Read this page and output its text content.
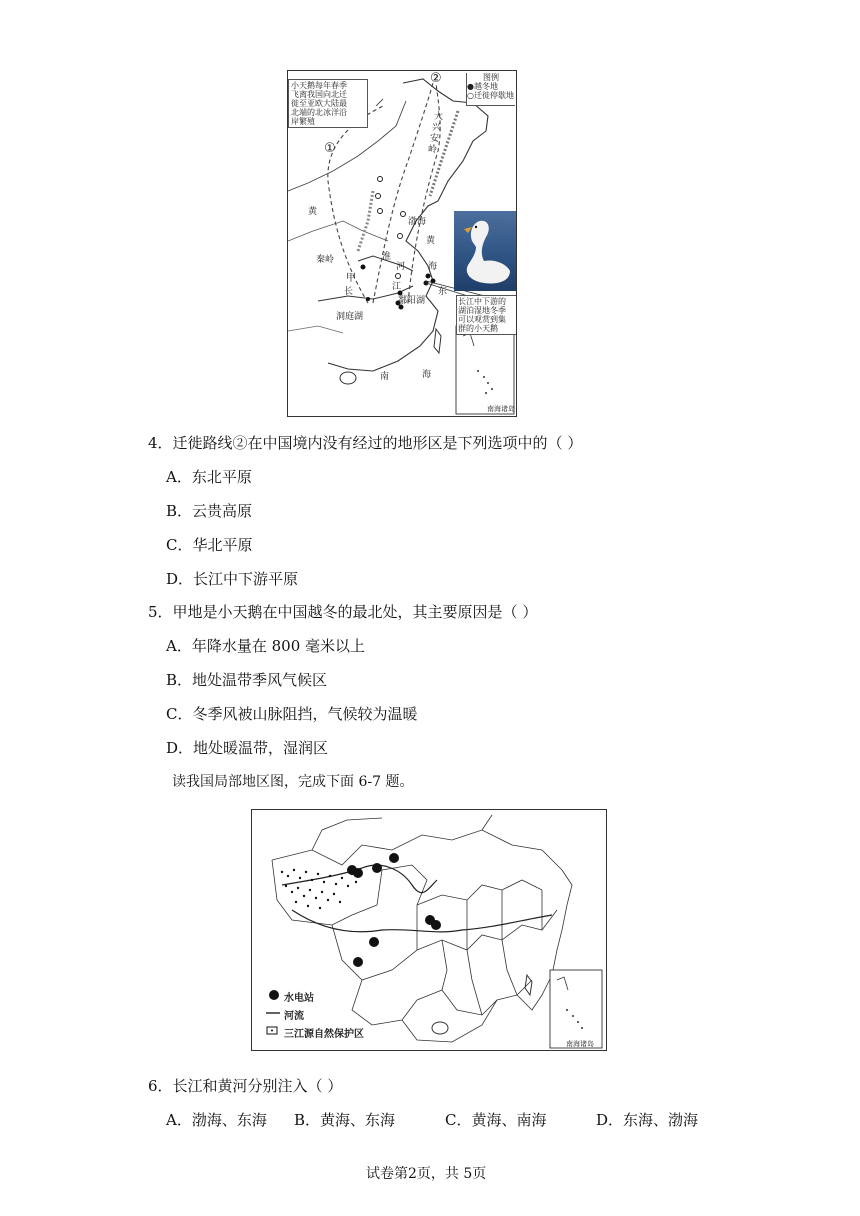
图例
●越冬地
○迁徙停歇地
小天鹅每年春季
飞离我国向北迁
徙至亚欧大陆最
北端的北冰洋沿
岸繁殖
①
②
黄
大
兴
安
岭
渤海
黄
海
秦岭
甲
河
淮
长	江	东
鄱阳湖
洞庭湖
南	海
南海诸岛
长江中下游的
湖泊湿地冬季
可以观赏到集
群的小天鹅
4．迁徙路线②在中国境内没有经过的地形区是下列选项中的（ ）
A．东北平原
B．云贵高原
C．华北平原
D．长江中下游平原
5．甲地是小天鹅在中国越冬的最北处，其主要原因是（ ）
A．年降水量在 800 毫米以上
B．地处温带季风气候区
C．冬季风被山脉阻挡，气候较为温暖
D．地处暖温带，湿润区
读我国局部地区图，完成下面 6-7 题。
水电站
河流
三江源自然保护区
南海诸岛
6．长江和黄河分别注入（ ）
A．渤海、东海 B．黄海、东海	C．黄海、南海	D．东海、渤海
试卷第2页，共 5页
